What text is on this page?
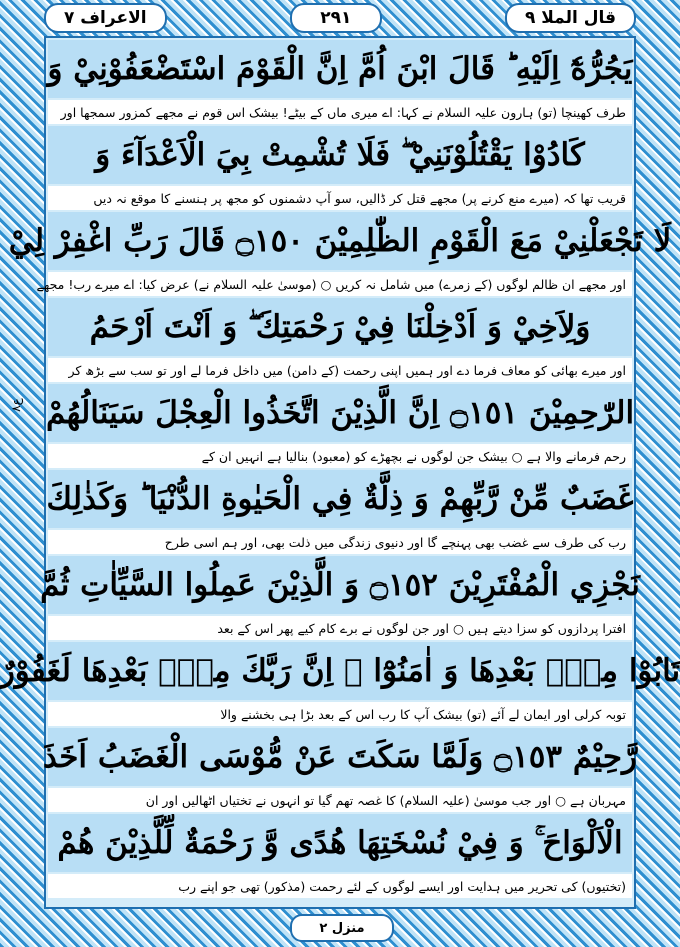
الاعراف ۷	۲۹۱	قال الملا ۹
ع۸
يَجُرُّهٗٓ اِلَيْهِ ؕ قَالَ ابْنَ اُمَّ اِنَّ الْقَوْمَ اسْتَضْعَفُوْنِيْ وَ
طرف کھینچا (تو) ہارون علیہ السلام نے کہا: اے میری ماں کے بیٹے! بیشک اس قوم نے مجھے کمزور سمجھا اور
كَادُوْا يَقْتُلُوْنَنِيْ ۖ فَلَا تُشْمِتْ بِيَ الْاَعْدَآءَ وَ
قریب تھا کہ (میرے منع کرنے پر) مجھے قتل کر ڈالیں، سو آپ دشمنوں کو مجھ پر ہنسنے کا موقع نہ دیں
لَا تَجْعَلْنِيْ مَعَ الْقَوْمِ الظّٰلِمِيْنَ ۝١٥٠ قَالَ رَبِّ اغْفِرْ لِيْ
اور مجھے ان ظالم لوگوں (کے زمرے) میں شامل نہ کریں ○ (موسیٰ علیہ السلام نے) عرض کیا: اے میرے رب! مجھے
وَلِاَخِيْ وَ اَدْخِلْنَا فِيْ رَحْمَتِكَ ۖ وَ اَنْتَ اَرْحَمُ
اور میرے بھائی کو معاف فرما دے اور ہمیں اپنی رحمت (کے دامن) میں داخل فرما لے اور تو سب سے بڑھ کر
الرّٰحِمِيْنَ ۝١٥١ اِنَّ الَّذِيْنَ اتَّخَذُوا الْعِجْلَ سَيَنَالُهُمْ
رحم فرمانے والا ہے ○ بیشک جن لوگوں نے بچھڑے کو (معبود) بنالیا ہے انہیں ان کے
غَضَبٌ مِّنْ رَّبِّهِمْ وَ ذِلَّةٌ فِي الْحَيٰوةِ الدُّنْيَا ؕ وَكَذٰلِكَ
رب کی طرف سے غضب بھی پہنچے گا اور دنیوی زندگی میں ذلت بھی، اور ہم اسی طرح
نَجْزِي الْمُفْتَرِيْنَ ۝١٥٢ وَ الَّذِيْنَ عَمِلُوا السَّيِّاٰتِ ثُمَّ
افترا پردازوں کو سزا دیتے ہیں ○ اور جن لوگوں نے برے کام کیے پھر اس کے بعد
تَابُوْا مِنْۢ بَعْدِهَا وَ اٰمَنُوْٓا ۫ اِنَّ رَبَّكَ مِنْۢ بَعْدِهَا لَغَفُوْرٌ
توبہ کرلی اور ایمان لے آئے (تو) بیشک آپ کا رب اس کے بعد بڑا ہی بخشنے والا
رَّحِيْمٌ ۝١٥٣ وَلَمَّا سَكَتَ عَنْ مُّوْسَى الْغَضَبُ اَخَذَ
مہربان ہے ○ اور جب موسیٰ (علیہ السلام) کا غصہ تھم گیا تو انہوں نے تختیاں اٹھالیں اور ان
الْاَلْوَاحَ ۚ وَ فِيْ نُسْخَتِهَا هُدًى وَّ رَحْمَةٌ لِّلَّذِيْنَ هُمْ
(تختیوں) کی تحریر میں ہدایت اور ایسے لوگوں کے لئے رحمت (مذکور) تھی جو اپنے رب
منزل ۲
